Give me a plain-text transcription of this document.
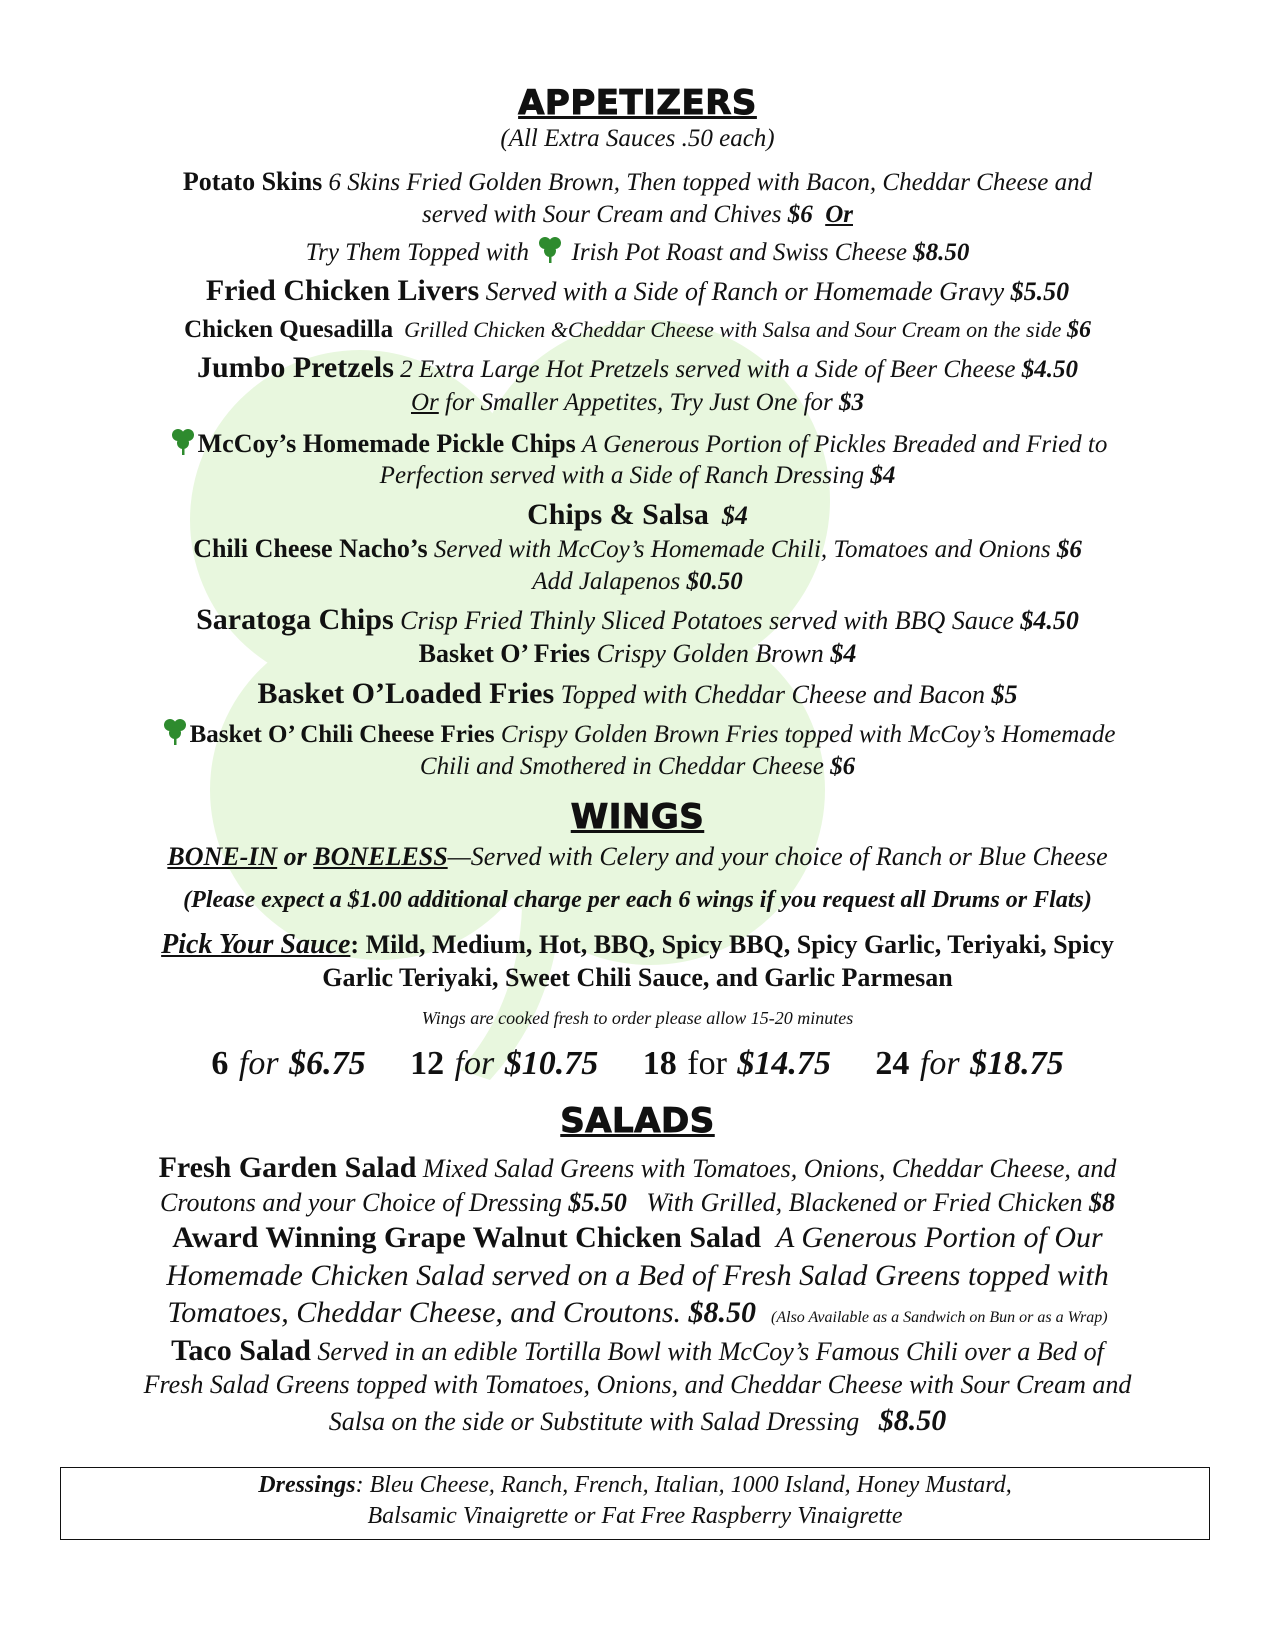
APPETIZERS

(All Extra Sauces .50 each)

Potato Skins 6 Skins Fried Golden Brown, Then topped with Bacon, Cheddar Cheese and
served with Sour Cream and Chives $6 Or

Try Them Topped with Irish Pot Roast and Swiss Cheese $8.50

Fried Chicken Livers Served with a Side of Ranch or Homemade Gravy $5.50

Chicken Quesadilla Grilled Chicken &Cheddar Cheese with Salsa and Sour Cream on the side $6

Jumbo Pretzels 2 Extra Large Hot Pretzels served with a Side of Beer Cheese $4.50
Or for Smaller Appetites, Try Just One for $3

McCoy’s Homemade Pickle Chips A Generous Portion of Pickles Breaded and Fried to
Perfection served with a Side of Ranch Dressing $4

Chips & Salsa $4

Chili Cheese Nacho’s Served with McCoy’s Homemade Chili, Tomatoes and Onions $6
Add Jalapenos $0.50

Saratoga Chips Crisp Fried Thinly Sliced Potatoes served with BBQ Sauce $4.50

Basket O’ Fries Crispy Golden Brown $4

Basket O’Loaded Fries Topped with Cheddar Cheese and Bacon $5

Basket O’ Chili Cheese Fries Crispy Golden Brown Fries topped with McCoy’s Homemade
Chili and Smothered in Cheddar Cheese $6

WINGS

BONE-IN or BONELESS—Served with Celery and your choice of Ranch or Blue Cheese

(Please expect a $1.00 additional charge per each 6 wings if you request all Drums or Flats)

Pick Your Sauce: Mild, Medium, Hot, BBQ, Spicy BBQ, Spicy Garlic, Teriyaki, Spicy
Garlic Teriyaki, Sweet Chili Sauce, and Garlic Parmesan

Wings are cooked fresh to order please allow 15-20 minutes

6 for $6.75 12 for $10.75 18 for $14.75 24 for $18.75

SALADS

Fresh Garden Salad Mixed Salad Greens with Tomatoes, Onions, Cheddar Cheese, and
Croutons and your Choice of Dressing $5.50 With Grilled, Blackened or Fried Chicken $8

Award Winning Grape Walnut Chicken Salad A Generous Portion of Our
Homemade Chicken Salad served on a Bed of Fresh Salad Greens topped with
Tomatoes, Cheddar Cheese, and Croutons. $8.50 (Also Available as a Sandwich on Bun or as a Wrap)

Taco Salad Served in an edible Tortilla Bowl with McCoy’s Famous Chili over a Bed of
Fresh Salad Greens topped with Tomatoes, Onions, and Cheddar Cheese with Sour Cream and
Salsa on the side or Substitute with Salad Dressing $8.50

Dressings: Bleu Cheese, Ranch, French, Italian, 1000 Island, Honey Mustard,
Balsamic Vinaigrette or Fat Free Raspberry Vinaigrette
